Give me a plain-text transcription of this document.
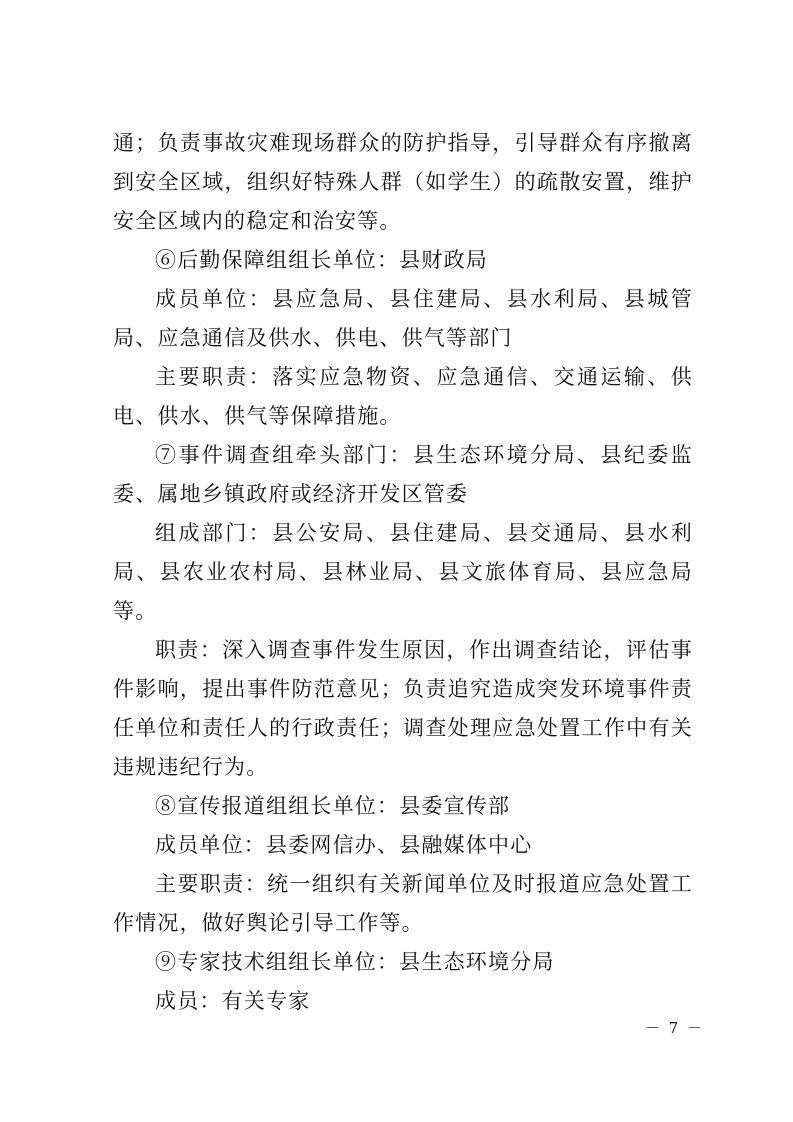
通；负责事故灾难现场群众的防护指导，引导群众有序撤离到安全区域，组织好特殊人群（如学生）的疏散安置，维护安全区域内的稳定和治安等。

⑥后勤保障组组长单位：县财政局

成员单位：县应急局、县住建局、县水利局、县城管局、应急通信及供水、供电、供气等部门

主要职责：落实应急物资、应急通信、交通运输、供电、供水、供气等保障措施。

⑦事件调查组牵头部门：县生态环境分局、县纪委监委、属地乡镇政府或经济开发区管委

组成部门：县公安局、县住建局、县交通局、县水利局、县农业农村局、县林业局、县文旅体育局、县应急局等。

职责：深入调查事件发生原因，作出调查结论，评估事件影响，提出事件防范意见；负责追究造成突发环境事件责任单位和责任人的行政责任；调查处理应急处置工作中有关违规违纪行为。

⑧宣传报道组组长单位：县委宣传部

成员单位：县委网信办、县融媒体中心

主要职责：统一组织有关新闻单位及时报道应急处置工作情况，做好舆论引导工作等。

⑨专家技术组组长单位：县生态环境分局

成员：有关专家

－ 7 －
